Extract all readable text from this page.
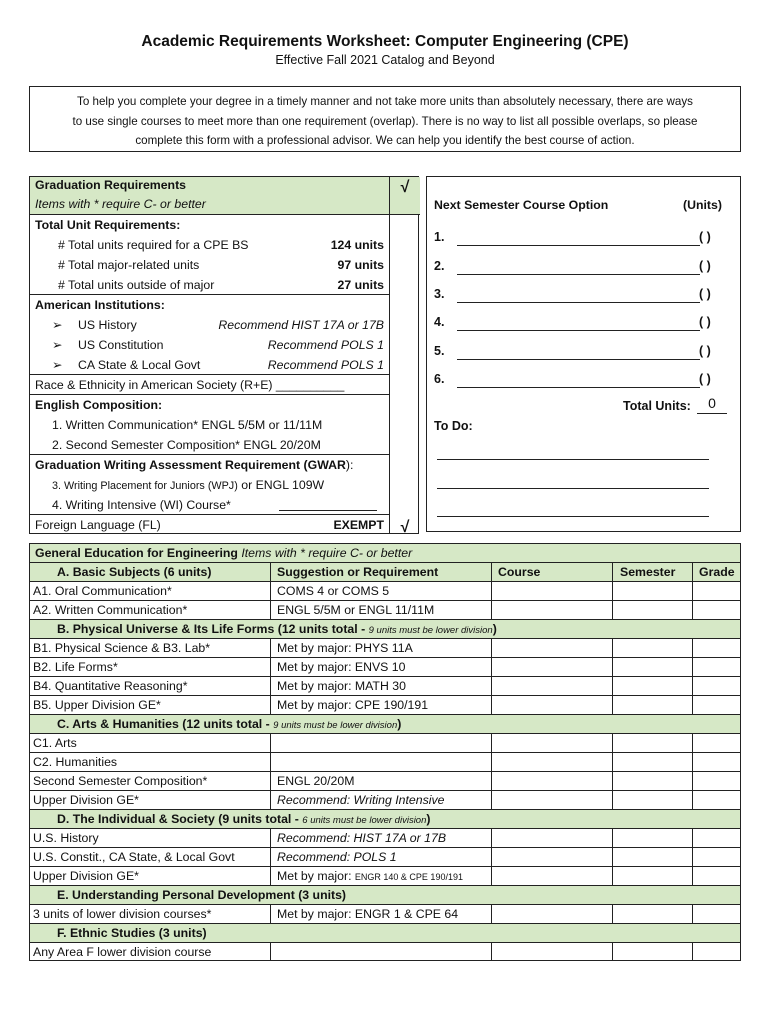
Academic Requirements Worksheet: Computer Engineering (CPE)
Effective Fall 2021 Catalog and Beyond
To help you complete your degree in a timely manner and not take more units than absolutely necessary, there are ways
to use single courses to meet more than one requirement (overlap). There is no way to list all possible overlaps, so please
complete this form with a professional advisor. We can help you identify the best course of action.
Graduation Requirements
Items with * require C- or better
√
Total Unit Requirements:
# Total units required for a CPE BS	124 units
# Total major-related units	97 units
# Total units outside of major	27 units
American Institutions:
➢ US History	Recommend HIST 17A or 17B
➢ US Constitution	Recommend POLS 1
➢ CA State & Local Govt	Recommend POLS 1
Race & Ethnicity in American Society (R+E) __________
English Composition:
1. Written Communication* ENGL 5/5M or 11/11M
2. Second Semester Composition* ENGL 20/20M
Graduation Writing Assessment Requirement (GWAR):
3. Writing Placement for Juniors (WPJ) or ENGL 109W
4. Writing Intensive (WI) Course*
Foreign Language (FL)	EXEMPT	√
Next Semester Course Option	(Units)
1.	( )
2.	( )
3.	( )
4.	( )
5.	( )
6.	( )
Total Units:	0
To Do:
General Education for Engineering Items with * require C- or better
A. Basic Subjects (6 units)	Suggestion or Requirement	Course	Semester Grade
A1. Oral Communication*	COMS 4 or COMS 5
A2. Written Communication*	ENGL 5/5M or ENGL 11/11M
B. Physical Universe & Its Life Forms (12 units total - 9 units must be lower division)
B1. Physical Science & B3. Lab*	Met by major: PHYS 11A
B2. Life Forms*	Met by major: ENVS 10
B4. Quantitative Reasoning*	Met by major: MATH 30
B5. Upper Division GE*	Met by major: CPE 190/191
C. Arts & Humanities (12 units total - 9 units must be lower division)
C1. Arts
C2. Humanities
Second Semester Composition*	ENGL 20/20M
Upper Division GE*	Recommend: Writing Intensive
D. The Individual & Society (9 units total - 6 units must be lower division)
U.S. History	Recommend: HIST 17A or 17B
U.S. Constit., CA State, & Local Govt	Recommend: POLS 1
Upper Division GE*	Met by major: ENGR 140 & CPE 190/191
E. Understanding Personal Development (3 units)
3 units of lower division courses*	Met by major: ENGR 1 & CPE 64
F. Ethnic Studies (3 units)
Any Area F lower division course
